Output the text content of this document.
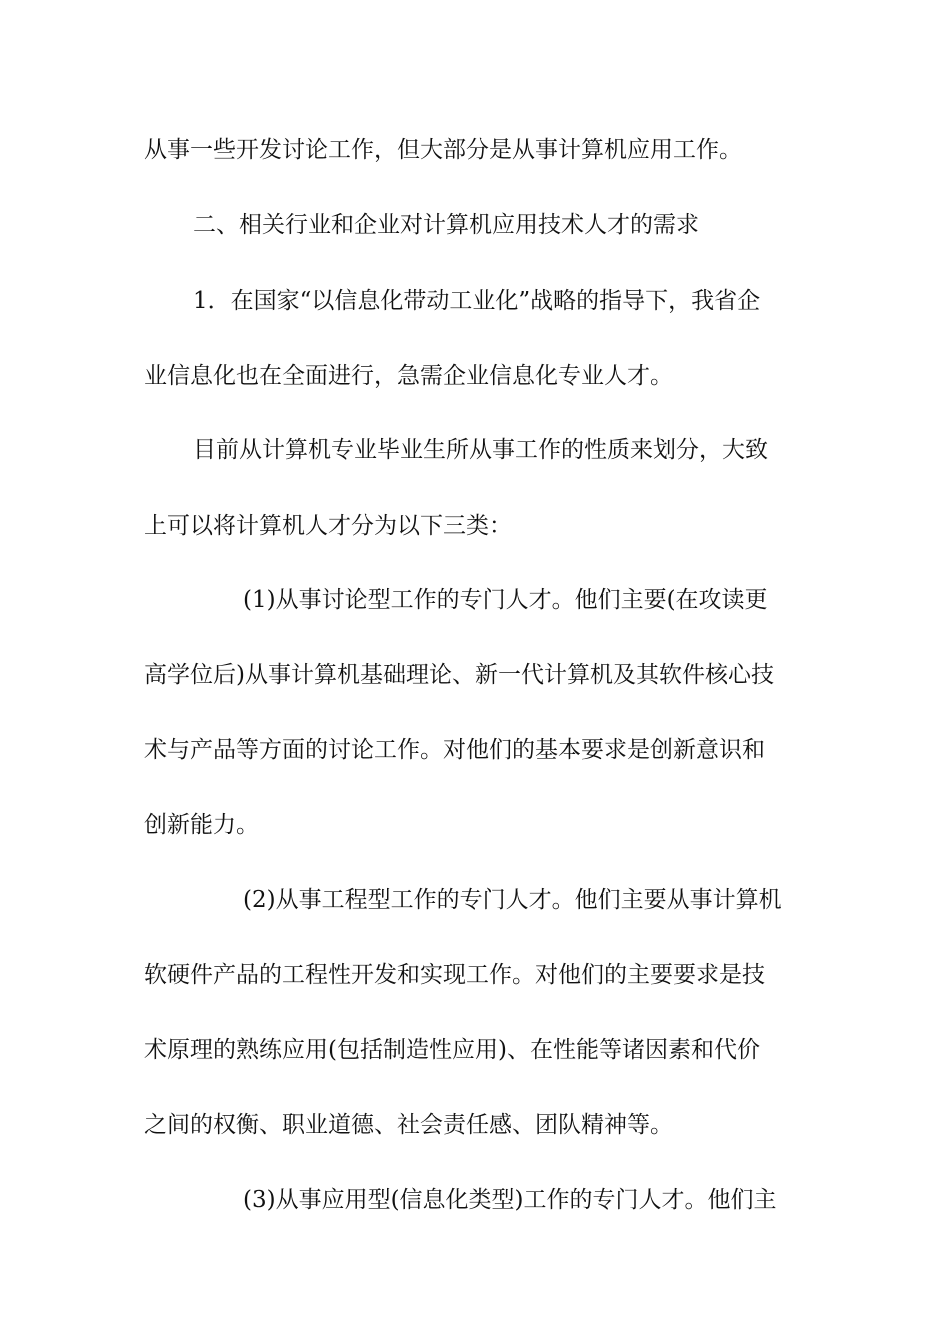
从事一些开发讨论工作，但大部分是从事计算机应用工作。
二、相关行业和企业对计算机应用技术人才的需求
1．在国家“以信息化带动工业化”战略的指导下，我省企
业信息化也在全面进行，急需企业信息化专业人才。
目前从计算机专业毕业生所从事工作的性质来划分，大致
上可以将计算机人才分为以下三类：
(1)从事讨论型工作的专门人才。他们主要(在攻读更
高学位后)从事计算机基础理论、新一代计算机及其软件核心技
术与产品等方面的讨论工作。对他们的基本要求是创新意识和
创新能力。
(2)从事工程型工作的专门人才。他们主要从事计算机
软硬件产品的工程性开发和实现工作。对他们的主要要求是技
术原理的熟练应用(包括制造性应用)、在性能等诸因素和代价
之间的权衡、职业道德、社会责任感、团队精神等。
(3)从事应用型(信息化类型)工作的专门人才。他们主
